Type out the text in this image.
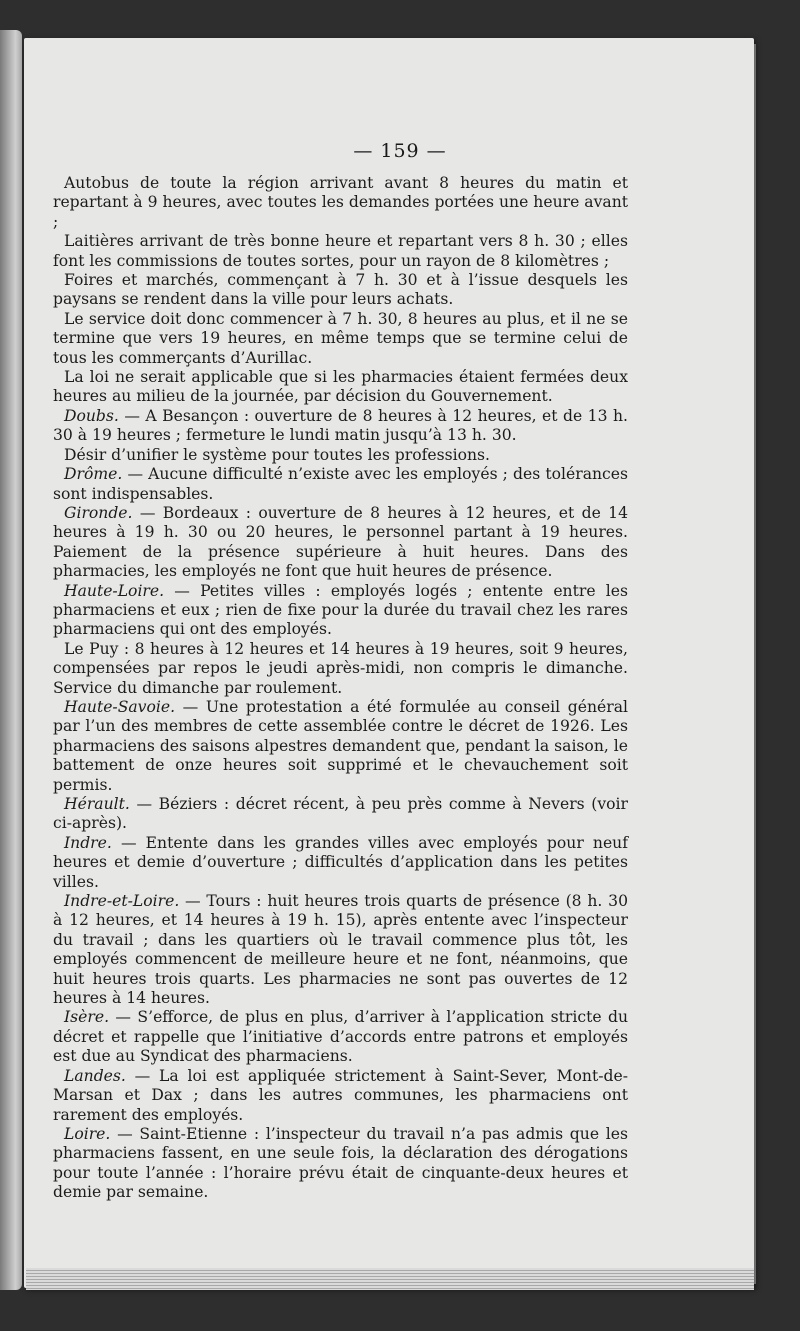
— 159 —

Autobus de toute la région arrivant avant 8 heures du matin et repartant à 9 heures, avec toutes les demandes portées une heure avant ;

Laitières arrivant de très bonne heure et repartant vers 8 h. 30 ; elles font les commissions de toutes sortes, pour un rayon de 8 kilomètres ;

Foires et marchés, commençant à 7 h. 30 et à l’issue desquels les paysans se rendent dans la ville pour leurs achats.

Le service doit donc commencer à 7 h. 30, 8 heures au plus, et il ne se termine que vers 19 heures, en même temps que se termine celui de tous les commerçants d’Aurillac.

La loi ne serait applicable que si les pharmacies étaient fermées deux heures au milieu de la journée, par décision du Gouvernement.

Doubs. — A Besançon : ouverture de 8 heures à 12 heures, et de 13 h. 30 à 19 heures ; fermeture le lundi matin jusqu’à 13 h. 30.

Désir d’unifier le système pour toutes les professions.

Drôme. — Aucune difficulté n’existe avec les employés ; des tolérances sont indispensables.

Gironde. — Bordeaux : ouverture de 8 heures à 12 heures, et de 14 heures à 19 h. 30 ou 20 heures, le personnel partant à 19 heures. Paiement de la présence supérieure à huit heures. Dans des pharmacies, les employés ne font que huit heures de présence.

Haute-Loire. — Petites villes : employés logés ; entente entre les pharmaciens et eux ; rien de fixe pour la durée du travail chez les rares pharmaciens qui ont des employés.

Le Puy : 8 heures à 12 heures et 14 heures à 19 heures, soit 9 heures, compensées par repos le jeudi après-midi, non compris le dimanche. Service du dimanche par roulement.

Haute-Savoie. — Une protestation a été formulée au conseil général par l’un des membres de cette assemblée contre le décret de 1926. Les pharmaciens des saisons alpestres demandent que, pendant la saison, le battement de onze heures soit supprimé et le chevauchement soit permis.

Hérault. — Béziers : décret récent, à peu près comme à Nevers (voir ci-après).

Indre. — Entente dans les grandes villes avec employés pour neuf heures et demie d’ouverture ; difficultés d’application dans les petites villes.

Indre-et-Loire. — Tours : huit heures trois quarts de présence (8 h. 30 à 12 heures, et 14 heures à 19 h. 15), après entente avec l’inspecteur du travail ; dans les quartiers où le travail commence plus tôt, les employés commencent de meilleure heure et ne font, néanmoins, que huit heures trois quarts. Les pharmacies ne sont pas ouvertes de 12 heures à 14 heures.

Isère. — S’efforce, de plus en plus, d’arriver à l’application stricte du décret et rappelle que l’initiative d’accords entre patrons et employés est due au Syndicat des pharmaciens.

Landes. — La loi est appliquée strictement à Saint-Sever, Mont-de-Marsan et Dax ; dans les autres communes, les pharmaciens ont rarement des employés.

Loire. — Saint-Etienne : l’inspecteur du travail n’a pas admis que les pharmaciens fassent, en une seule fois, la déclaration des dérogations pour toute l’année : l’horaire prévu était de cinquante-deux heures et demie par semaine.
